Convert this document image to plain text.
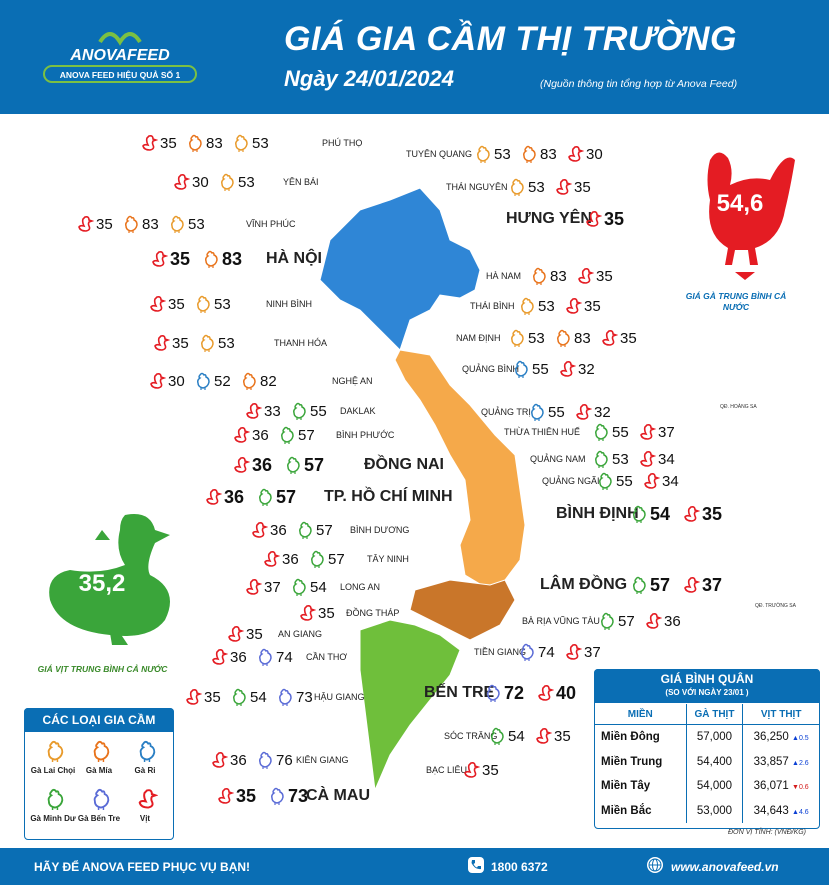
ANOVAFEED
ANOVA FEED HIỆU QUẢ SỐ 1
GIÁ GIA CẦM THỊ TRƯỜNG
Ngày 24/01/2024	(Nguồn thông tin tổng hợp từ Anova Feed)
QĐ. HOÀNG SA
QĐ. TRƯỜNG SA
PHÚ THỌ
35 83 53
YÊN BÁI
30 53
VĨNH PHÚC
35 83 53
HÀ NỘI
35 83
NINH BÌNH
35 53
THANH HÓA
35 53
NGHỆ AN
30 52 82
DAKLAK
33 55
BÌNH PHƯỚC
36 57
ĐỒNG NAI
36 57
TP. HỒ CHÍ MINH
36 57
BÌNH DƯƠNG
36 57
TÂY NINH
36 57
LONG AN
37 54
ĐỒNG THÁP
35
AN GIANG
35
CẦN THƠ
36 74
HẬU GIANG
35 54 73
KIÊN GIANG
36 76
CÀ MAU
35 73
TUYÊN QUANG 53 83 30
THÁI NGUYÊN 53 35
HƯNG YÊN 35
HÀ NAM 83 35
THÁI BÌNH 53 35
NAM ĐỊNH 53 83 35
QUẢNG BÌNH 55 32
QUẢNG TRỊ 55 32
THỪA THIÊN HUẾ 55 37
QUẢNG NAM 53 34
QUẢNG NGÃI 55 34
BÌNH ĐỊNH 54 35
LÂM ĐỒNG 57 37
BÀ RỊA VŨNG TÀU 57 36
TIỀN GIANG 74 37
BẾN TRE 72 40
SÓC TRĂNG 54 35
BẠC LIÊU 35
54,6
GIÁ GÀ TRUNG BÌNH CẢ NƯỚC
35,2
GIÁ VỊT TRUNG BÌNH CẢ NƯỚC
CÁC LOẠI GIA CẦM
Gà Lai Chọi	Gà Mía	Gà Ri
Gà Minh Dư Gà Bến Tre	Vịt
GIÁ BÌNH QUÂN
(SO VỚI NGÀY 23/01 )
MIỀN	GÀ THỊT	VỊT THỊT
Miền Đông	57,000	36,250 ▲0.5
Miền Trung	54,400	33,857 ▲2.6
Miền Tây	54,000	36,071 ▼0.6
Miền Bắc	53,000	34,643 ▲4.6
ĐƠN VỊ TÍNH: (VNĐ/KG)
HÃY ĐỂ ANOVA FEED PHỤC VỤ BẠN!	1800 6372	www.anovafeed.vn
